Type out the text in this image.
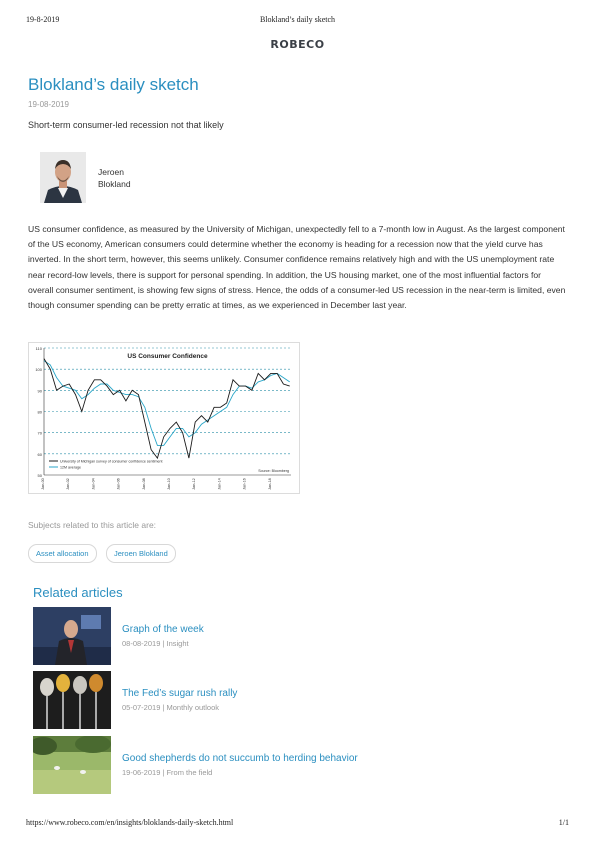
19-8-2019	Blokland’s daily sketch
ROBECO
Blokland’s daily sketch
19-08-2019
Short-term consumer-led recession not that likely
Jeroen
Blokland

US consumer confidence, as measured by the University of Michigan, unexpectedly fell to a 7-month low in August. As the largest component of the US economy, American consumers could determine whether the economy is heading for a recession now that the yield curve has inverted. In the short term, however, this seems unlikely. Consumer confidence remains relatively high and with the US unemployment rate near record-low levels, there is support for personal spending. In addition, the US housing market, one of the most influential factors for overall consumer sentiment, is showing few signs of stress. Hence, the odds of a consumer-led US recession in the near-term is limited, even though consumer spending can be pretty erratic at times, as we experienced in December last year.

110
100
90
80
70
60
50
Jan-00	Jan-02	Jan-04	Jan-06	Jan-08	Jan-10	Jan-12	Jan-14	Jan-16	Jan-18
US Consumer Confidence
University of Michigan survey of consumer confidence sentiment
12M average
Source: Bloomberg
Subjects related to this article are:
Asset allocation	Jeroen Blokland
Related articles
Graph of the week
08-08-2019 | Insight
The Fed’s sugar rush rally
05-07-2019 | Monthly outlook
Good shepherds do not succumb to herding behavior
19-06-2019 | From the field
https://www.robeco.com/en/insights/bloklands-daily-sketch.html	1/1
